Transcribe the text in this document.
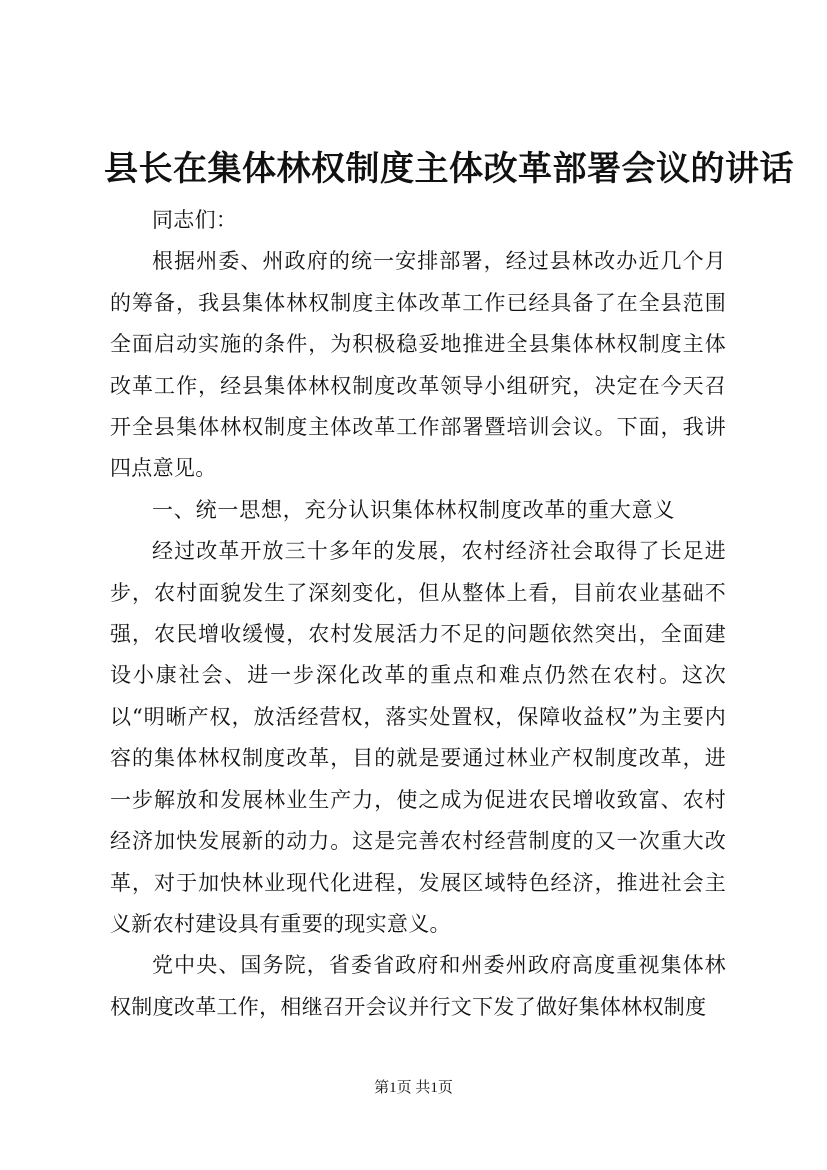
县长在集体林权制度主体改革部署会议的讲话

同志们：

根据州委、州政府的统一安排部署，经过县林改办近几个月的筹备，我县集体林权制度主体改革工作已经具备了在全县范围全面启动实施的条件，为积极稳妥地推进全县集体林权制度主体改革工作，经县集体林权制度改革领导小组研究，决定在今天召开全县集体林权制度主体改革工作部署暨培训会议。下面，我讲四点意见。

一、统一思想，充分认识集体林权制度改革的重大意义

经过改革开放三十多年的发展，农村经济社会取得了长足进步，农村面貌发生了深刻变化，但从整体上看，目前农业基础不强，农民增收缓慢，农村发展活力不足的问题依然突出，全面建设小康社会、进一步深化改革的重点和难点仍然在农村。这次以“明晰产权，放活经营权，落实处置权，保障收益权”为主要内容的集体林权制度改革，目的就是要通过林业产权制度改革，进一步解放和发展林业生产力，使之成为促进农民增收致富、农村经济加快发展新的动力。这是完善农村经营制度的又一次重大改革，对于加快林业现代化进程，发展区域特色经济，推进社会主义新农村建设具有重要的现实意义。

党中央、国务院，省委省政府和州委州政府高度重视集体林权制度改革工作，相继召开会议并行文下发了做好集体林权制度

第1页 共1页
